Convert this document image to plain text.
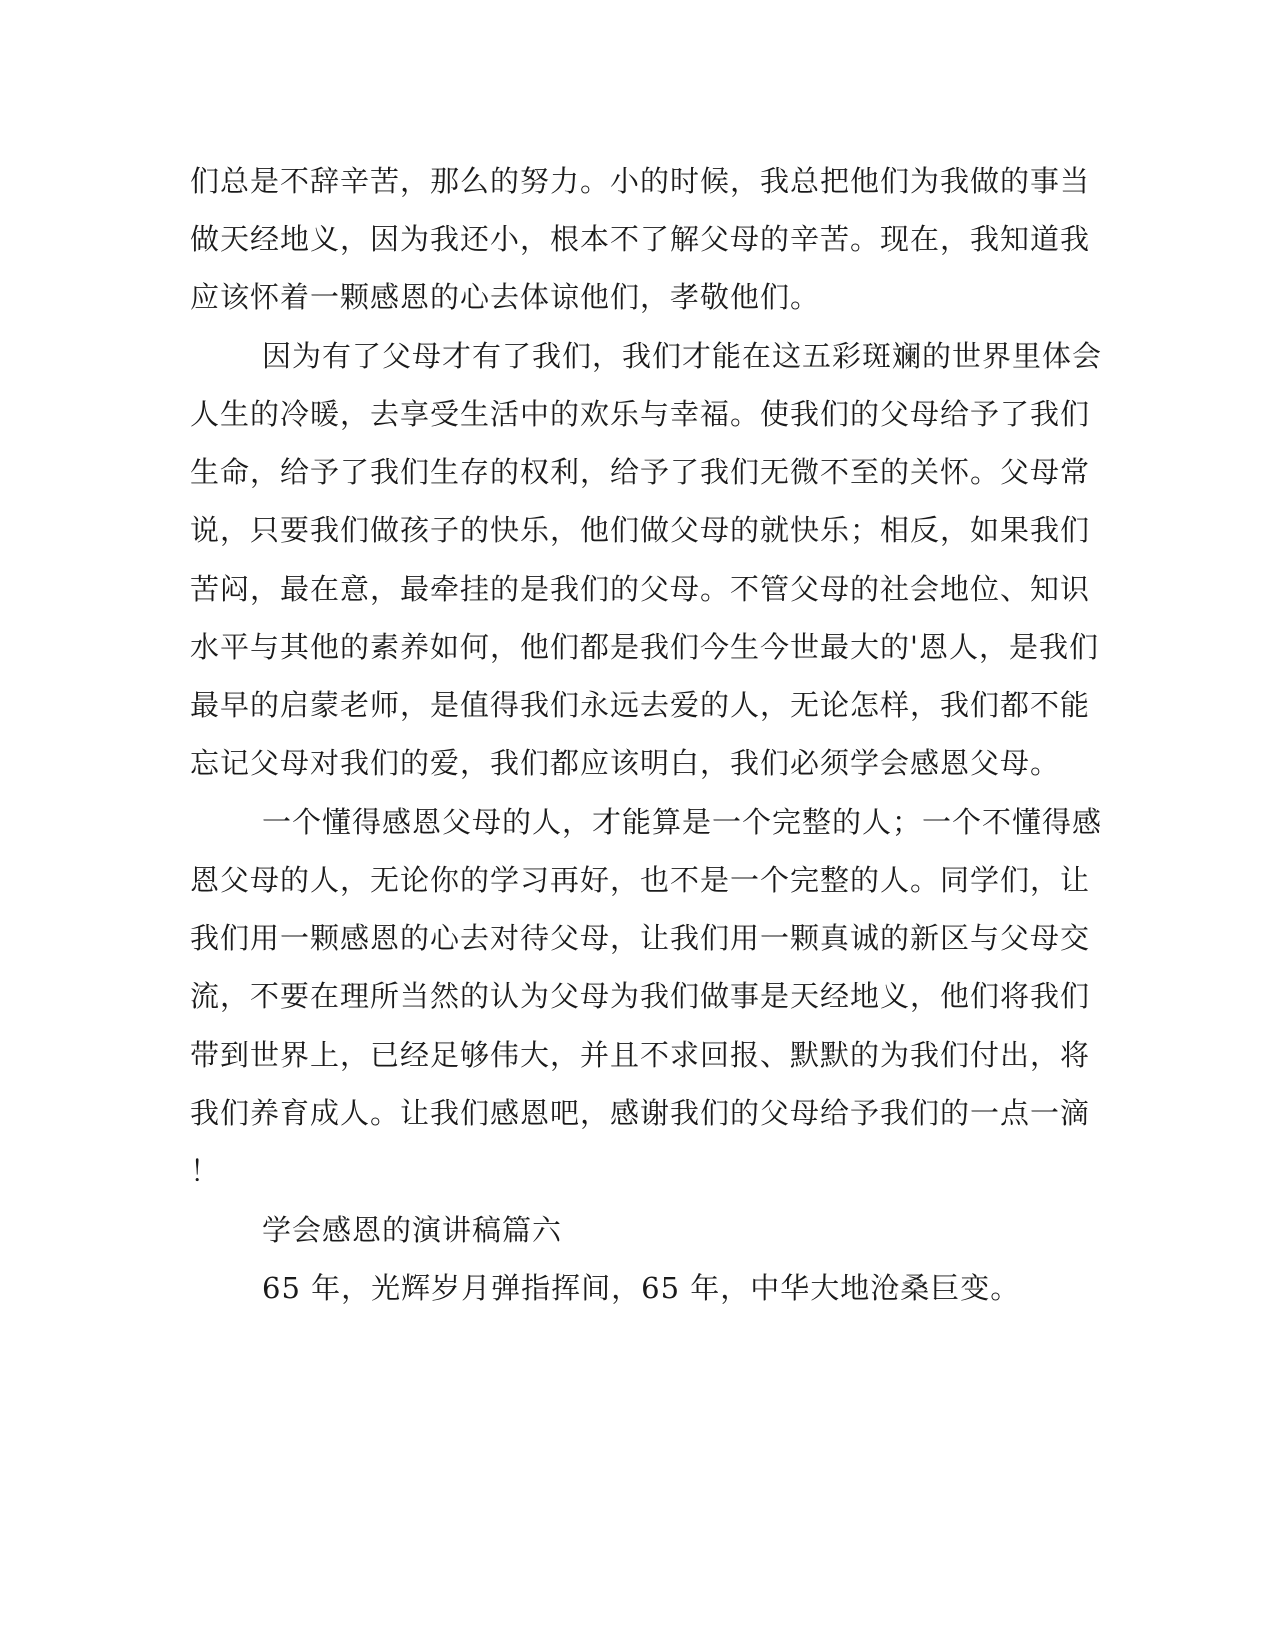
们总是不辞辛苦，那么的努力。小的时候，我总把他们为我做的事当
做天经地义，因为我还小，根本不了解父母的辛苦。现在，我知道我
应该怀着一颗感恩的心去体谅他们，孝敬他们。
因为有了父母才有了我们，我们才能在这五彩斑斓的世界里体会
人生的冷暖，去享受生活中的欢乐与幸福。使我们的父母给予了我们
生命，给予了我们生存的权利，给予了我们无微不至的关怀。父母常
说，只要我们做孩子的快乐，他们做父母的就快乐；相反，如果我们
苦闷，最在意，最牵挂的是我们的父母。不管父母的社会地位、知识
水平与其他的素养如何，他们都是我们今生今世最大的'恩人，是我们
最早的启蒙老师，是值得我们永远去爱的人，无论怎样，我们都不能
忘记父母对我们的爱，我们都应该明白，我们必须学会感恩父母。
一个懂得感恩父母的人，才能算是一个完整的人；一个不懂得感
恩父母的人，无论你的学习再好，也不是一个完整的人。同学们，让
我们用一颗感恩的心去对待父母，让我们用一颗真诚的新区与父母交
流，不要在理所当然的认为父母为我们做事是天经地义，他们将我们
带到世界上，已经足够伟大，并且不求回报、默默的为我们付出，将
我们养育成人。让我们感恩吧，感谢我们的父母给予我们的一点一滴
！
学会感恩的演讲稿篇六
65 年，光辉岁月弹指挥间，65 年，中华大地沧桑巨变。
